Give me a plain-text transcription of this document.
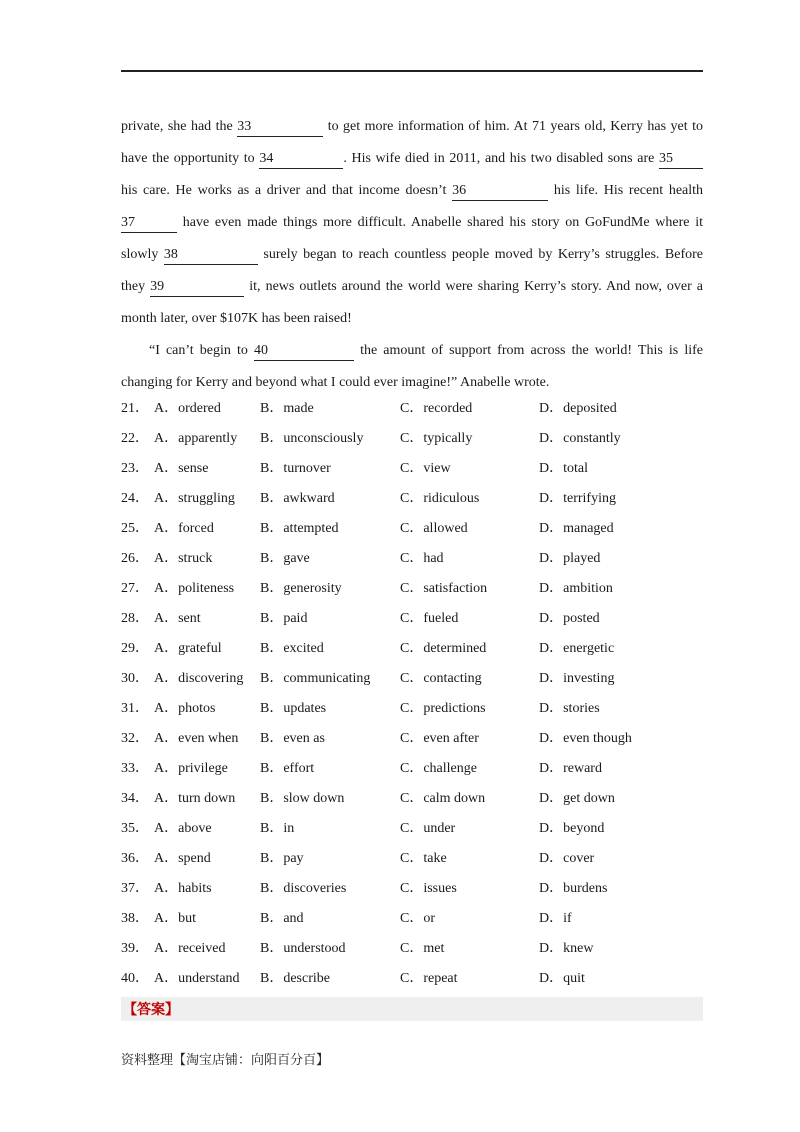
private, she had the 33	to get more information of him. At 71 years old, Kerry has yet to
have the opportunity to 34	. His wife died in 2011, and his two disabled sons are 35
his care. He works as a driver and that income doesn’t 36	his life. His recent health
37	have even made things more difficult. Anabelle shared his story on GoFundMe where it
slowly 38	surely began to reach countless people moved by Kerry’s struggles. Before
they 39	it, news outlets around the world were sharing Kerry’s story. And now, over a
month later, over $107K has been raised!
“I can’t begin to 40	the amount of support from across the world! This is life
changing for Kerry and beyond what I could ever imagine!” Anabelle wrote.
21． A．ordered	B．made	C．recorded	D．deposited
22． A．apparently B．unconsciously	C．typically	D．constantly
23． A．sense	B．turnover	C．view	D．total
24． A．struggling B．awkward	C．ridiculous	D．terrifying
25． A．forced	B．attempted	C．allowed	D．managed
26． A．struck	B．gave	C．had	D．played
27． A．politeness B．generosity	C．satisfaction	D．ambition
28． A．sent	B．paid	C．fueled	D．posted
29． A．grateful	B．excited	C．determined	D．energetic
30． A．discovering B．communicating C．contacting	D．investing
31． A．photos	B．updates	C．predictions	D．stories
32． A．even when B．even as	C．even after	D．even though
33． A．privilege B．effort	C．challenge	D．reward
34． A．turn down B．slow down	C．calm down	D．get down
35． A．above	B．in	C．under	D．beyond
36． A．spend	B．pay	C．take	D．cover
37． A．habits	B．discoveries	C．issues	D．burdens
38． A．but	B．and	C．or	D．if
39． A．received B．understood	C．met	D．knew
40． A．understand B．describe	C．repeat	D．quit
【答案】
资料整理【淘宝店铺：向阳百分百】
